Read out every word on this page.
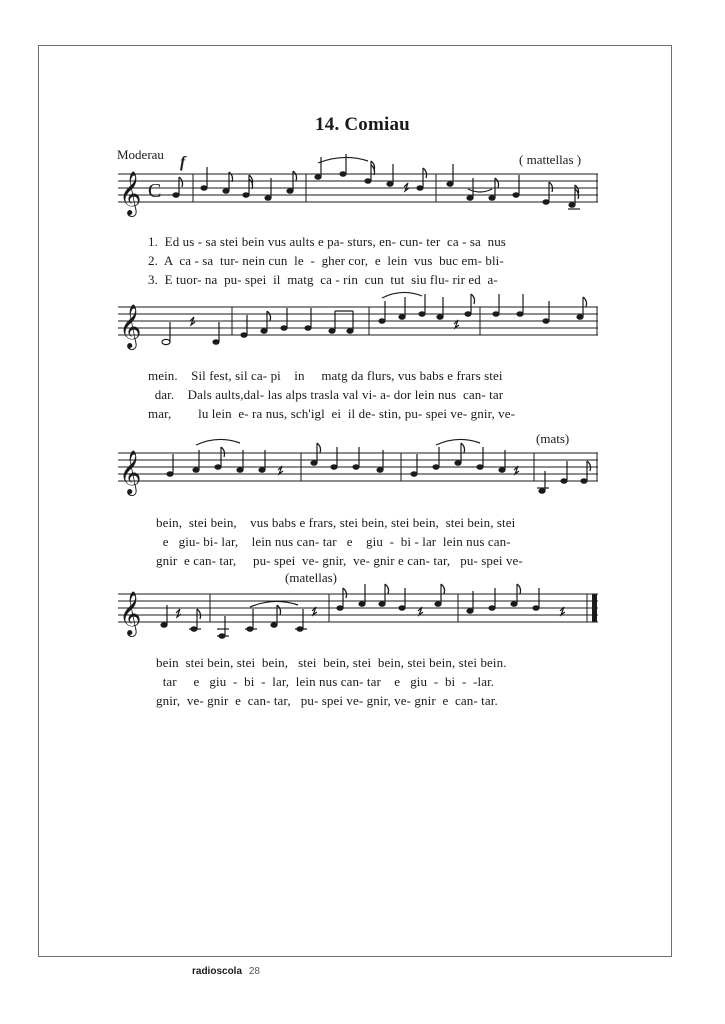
14. Comiau
Moderau f	( mattellas )
𝄞 C
1.  Ed us - sa stei bein vus aults e pa- sturs, en- cun- ter  ca - sa  nus
2.  A  ca - sa  tur- nein cun  le  -  gher cor,  e  lein  vus  buc em- bli-
3.  E tuor- na  pu- spei  il  matg  ca - rin  cun  tut  siu flu- rir ed  a-
𝄞
mein.    Sil fest, sil ca- pi    in     matg da flurs, vus babs e frars stei
dar.    Dals aults,dal- las alps trasla val vi- a- dor lein nus  can- tar
mar,        lu lein  e- ra nus, sch'igl  ei  il de- stin, pu- spei ve- gnir, ve-
(mats)
𝄞
bein,  stei bein,    vus babs e frars, stei bein, stei bein,  stei bein, stei
e   giu- bi- lar,    lein nus can- tar   e    giu  -  bi - lar  lein nus can-
gnir  e can- tar,     pu- spei  ve- gnir,  ve- gnir e can- tar,   pu- spei ve-
(matellas)
𝄞
bein  stei bein, stei  bein,   stei  bein, stei  bein, stei bein, stei bein.
tar     e   giu  -  bi  -  lar,  lein nus can- tar    e   giu  -  bi  -  -lar.
gnir,  ve- gnir  e  can- tar,   pu- spei ve- gnir, ve- gnir  e  can- tar.
radioscola 28
